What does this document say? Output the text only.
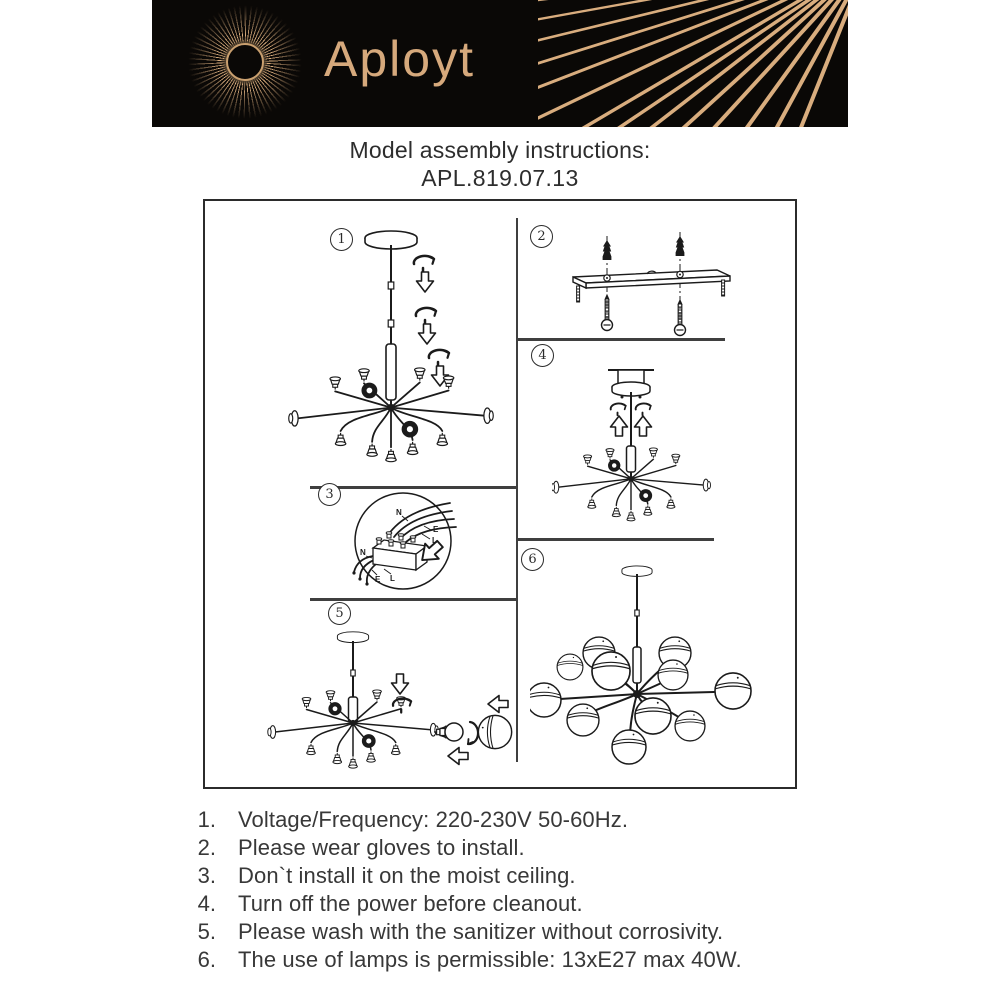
Aployt
Model assembly instructions:
APL.819.07.13
1	2
3
4
5
6
N
E
L
N
E L
1. Voltage/Frequency: 220-230V 50-60Hz.
2. Please wear gloves to install.
3. Don`t install it on the moist ceiling.
4. Turn off the power before cleanout.
5. Please wash with the sanitizer without corrosivity.
6. The use of lamps is permissible: 13xE27 max 40W.
